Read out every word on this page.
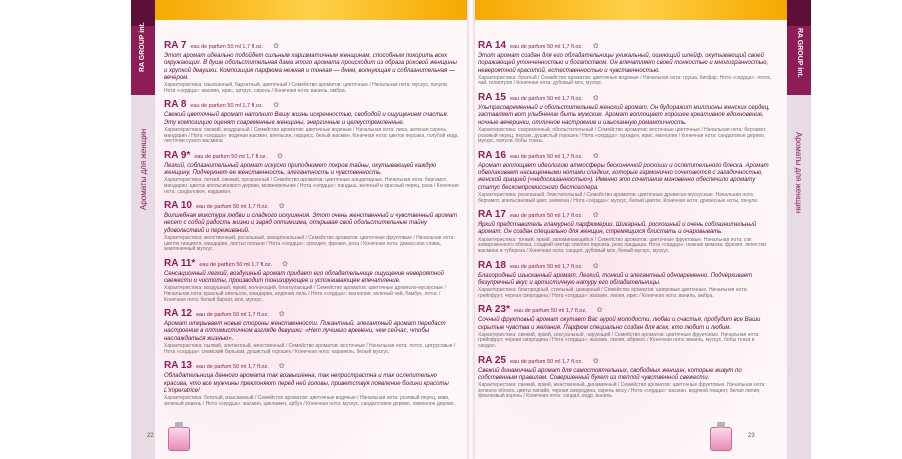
RA GROUP int.
Ароматы для женщин
RA GROUP int.
Ароматы для женщин
RA 7 eau de parfum 50 ml 1,7 fl.oz. ✿
Этот аромат идеально подойдет сильным харизматичным женщинам, способным покорить всех окружающих. В душе обольстительная дама этого аромата происходит из образа роковой женщины и хрупкой девушки. Композиция парфюма нежная и тонкая — днем, волнующая и соблазнительная — вечером.
Характеристика: изысканный, бархатный, цветочный / Семейство ароматов: цветочные / Начальная нота: мускус, пачули. Нота «сердца»: жасмин, ирис, цитрус, сирень / Конечная нота: ваниль, амбра.
RA 8 eau de parfum 50 ml 1,7 fl.oz. ✿
Свежий цветочный аромат наполнит Вашу жизнь искренностью, свободой и ощущением счастья. Эту композицию оценят современные женщины, энергичные и целеустремленные.
Характеристика: свежий, воздушный / Семейство ароматов: цветочные водяные / Начальная нота: лиса, зеленая сирень, мандарин / Нота «сердца»: водяная жасмин, апельсин, нарцисс, белый жасмин. Конечная нота: цветок персика, голубой кедр, листочки сухого жасмина
RA 9* eau de parfum 50 ml 1,7 fl.oz. ✿
Легкий, соблазнительный аромат искусно приподнимет покров тайны, окутывающей каждую женщину. Подчеркнет ее женственность, элегантность и чувственность.
Характеристика: легкий, свежий, прозрачный / Семейство ароматов: цветочные альдегидные. Начальная нота: бергамот, мандарин, цветок апельсинового дерева, можжевельник / Нота «сердца»: ландыш, зеленый и красный перец, роза / Конечная нота: сандаловое, кардамон.
RA 10 eau de parfum 50 ml 1,7 fl.oz. ✿
Волшебная микстура любви и сладкого искушения. Этот очень женственный и чувственный аромат несет с собой радость жизни и заряд оптимизма, открывая свой обольстительные тайну удовольствий и переживаний.
Характеристика: женственный, роскошный, эмоциональный / Семейство ароматов: цветочные фруктовые / Начальная нота: цветок гиацинта, мандарин, листья полыни / Нота «сердца»: орхидея, фрезия, роза / Конечная нота: дамасская слива, земляничный мускус.
RA 11* eau de parfum 50 ml 1,7 fl.oz. ✿
Сенсационный легкий, воздушный аромат придает его обладательнице ощущение невероятной свежести и чистоты, производит тонизирующее и успокаивающее впечатление.
Характеристика: воздушный, яркий, волнующий, благоухающий / Семейство ароматов: цветочные древесно-мускусные / Начальная нота: красный апельсин, мандарин, водяная лиль / Нота «сердца»: магнолия, зеленый чай, бамбук, лотос / Конечная нота: белый бархат, мох, мускус.
RA 12 eau de parfum 50 ml 1,7 fl.oz. ✿
Аромат открывает новые стороны женственности. Пикантный, элегантный аромат передаст настроение в оптимистичном взгляде девушки: «Нет лучшего времени, чем сейчас, чтобы наслаждаться жизнью».
Характеристика: пылкий, элегантный, женственный / Семейство ароматов: восточные / Начальная нота: лотос, цитрусовые / Нота «сердца»: сиамский бальзам, душистый горошек / Конечная нота: карамель, белый мускус.
RA 13 eau de parfum 50 ml 1,7 fl.oz. ✿
Обладательница данного аромата так возвышенна, так непристрастна и так ослепительно красива, что все мужчины преклоняют перед ней головы, приветствуя появление богини красоты L'imperatrice!
Характеристика: богатый, изысканный / Семейство ароматов: цветочные водяные / Начальная нота: розовый перец, киви, зеленый ревень / Нота «сердца»: жасмин, цикламен, арбуз / Конечная нота: мускус, сандалловое дерево, лимонное дерево.
RA 14 eau de parfum 50 ml 1,7 fl.oz. ✿
Этот аромат создан для его обладательницы уникальный, ошеющий шлейф, окутывающий своей поражающей утонченностью и богатством. Он впечатляет своей тонкостью и многогранностью, невероятной красотой, естественностью и чувственностью.
Характеристика: богатый / Семейство ароматов: цветочные водяные / Начальная нота: груша, бигфар. Нота «сердца»: лотос, чай, гелиотроп / Конечная нота: дубовый мох, мускус.
RA 15 eau de parfum 50 ml 1,7 fl.oz. ✿
Ультрасовременный и обольстительный женский аромат. Он будоражит миллионы женских сердец, заставляет вот улыбнение быть мужские. Аромат воплощает хорошее креативное вдохновение, ночные вечеринки, отличное настроение и изысканную романтичность.
Характеристика: современный, обольстительный / Семейство ароматов: восточные цветочные / Начальная нота: бергамот, розовый перец, персик, душистый горошек / Нота «сердца»: орхидея, ирис, магнолия / Конечная нота: сандаловое дерево, мускус, пачули, бобы тонка.
RA 16 eau de parfum 50 ml 1,7 fl.oz. ✿
Аромат воплощает идеологию атмосферы бесконечной роскоши и ослепительного блеска. Аромат обволакивает насыщенными нотами сладких, которые гармонично сочетаются с загадочностью, женской грацией («недосказанностью»). Именно это сочетание мгновенно обеспечило аромату статус бескомпромиссного бестселлера.
Характеристика: роскошный, блистательный / Семейство ароматов: цветочные древесно-мускусные. Начальная нота: бергамот, апельсиновый цвет, анемона / Нота «сердца»: мускус, белый цветок. Конечная нота: древесные ноты, пачули.
RA 17 eau de parfum 50 ml 1,7 fl.oz. ✿
Яркий представитель гламурной парфюмерии. Шикарный, роскошный и очень соблазнительный аромат. Он создан специально для женщин, стремящихся блистать и очаровывать.
Характеристика: тонкий, яркий, запоминающийся / Семейство ароматов: цветочные фруктовые. Начальная нота: сок замороженного яблока, сладкий нектар спелого персика, роза ландыша. Нота «сердца»: нежная мимоза, фрезия, лепестки жасмина и тубероза / Конечная нота: сандал, дубовый мох, белый мускус, мускус.
RA 18 eau de parfum 50 ml 1,7 fl.oz. ✿
Благородный изысканный аромат. Легкий, тонкий и элегантный одновременно. Подчеркивает безупречный вкус и артистичную натуру его обладательницы.
Характеристика: благородный, стильный, шикарный / Семейство ароматов: шипровые цветочные. Начальная нота: грейпфрут, черная смородина / Нота «сердца»: жасмин, лилия, ирис / Конечная нота: ваниль, амбра.
RA 23* eau de parfum 50 ml 1,7 fl.oz. ✿
Сочный фруктовый аромат окутает Вас аурой молодости, любви и счастья, пробудит все Ваши скрытые чувства и желания. Парфюм специально создан для всех, кто любит и любим.
Характеристика: свежий, яркий, сексуальный, чарующий / Семейство ароматов: цветочные фруктовые. Начальная нота: грейпфрут, черная смородина / Нота «сердца»: жасмин, лилия, абрикос / Конечная нота: ваниль, мускус, бобы тонка и сандал.
RA 25 eau de parfum 50 ml 1,7 fl.oz. ✿
Свежий динамичный аромат для самостоятельных, свободных женщин, которые живут по собственным правилам. Совершенный букет из теплой чувственной свежести.
Характеристика: свежий, яркий, женственный, динамичный / Семейство ароматов: цветочные фруктовые. Начальная нота: зеленое яблоко, цветы папайи, черная смородина, сирень мосу / Нота «сердца»: жасмин, водяной гиацинт, белая лилия, фиалковый корень / Конечная нота: сандал, кедр, ваниль.
22	23
